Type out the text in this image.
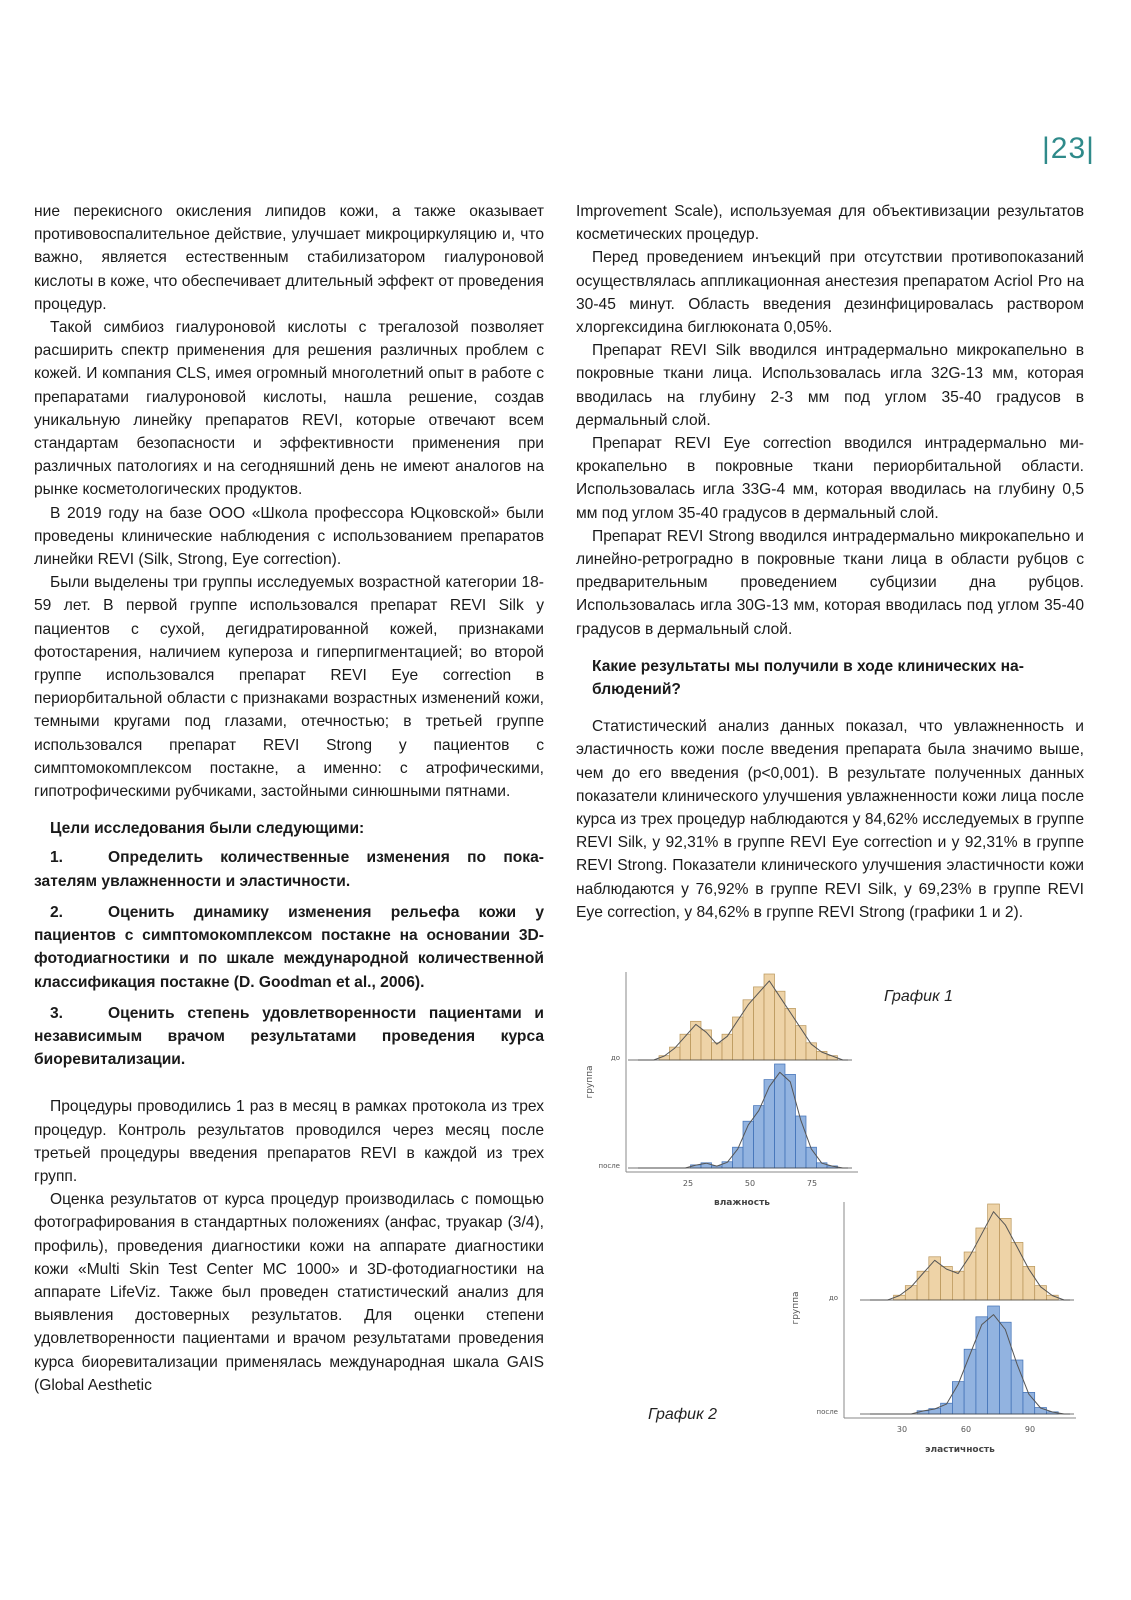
|23|

ние перекисного окисления липидов кожи, а также оказывает противовоспалительное действие, улучшает микроциркуляцию и, что важно, является естественным стабилизатором гиалуроновой кислоты в коже, что обеспечивает длительный эффект от проведения процедур.

Такой симбиоз гиалуроновой кислоты с трегалозой позволяет расширить спектр применения для решения различных проблем с кожей. И компания CLS, имея огромный многолетний опыт в работе с препаратами гиалуроновой кислоты, нашла решение, создав уникальную линейку препаратов REVI, которые отвечают всем стандартам безопасности и эффективности применения при различных патологиях и на сегодняшний день не имеют аналогов на рынке косметологических продуктов.

В 2019 году на базе ООО «Школа профессора Юцковской» были проведены клинические наблюдения с использованием препаратов линейки REVI (Silk, Strong, Eye correction).

Были выделены три группы исследуемых возрастной категории 18-59 лет. В первой группе использовался препарат REVI Silk у пациентов с сухой, дегидратированной кожей, признаками фотостарения, наличием купероза и гиперпигментацией; во второй группе использовался препарат REVI Eye correction в периорбитальной области с признаками возрастных изменений кожи, темными кругами под глазами, отечностью; в третьей группе использовался препарат REVI Strong у пациентов с симптомокомплексом постакне, а именно: с атрофическими, гипотрофическими рубчиками, застойными синюшными пятнами.

Цели исследования были следующими:
1.	Определить количественные изменения по показателям увлажненности и эластичности.
2.	Оценить динамику изменения рельефа кожи у пациентов с симптомокомплексом постакне на основании 3D-фотодиагностики и по шкале международной количественной классификация постакне (D. Goodman et al., 2006).
3.	Оценить степень удовлетворенности пациентами и независимым врачом результатами проведения курса биоревитализации.

Процедуры проводились 1 раз в месяц в рамках протокола из трех процедур. Контроль результатов проводился через месяц после третьей процедуры введения препаратов REVI в каждой из трех групп.

Оценка результатов от курса процедур производилась с помощью фотографирования в стандартных положениях (анфас, труакар (3/4), профиль), проведения диагностики кожи на аппарате диагностики кожи «Multi Skin Test Center MC 1000» и 3D-фотодиагностики на аппарате LifeViz. Также был проведен статистический анализ для выявления достоверных результатов. Для оценки степени удовлетворенности пациентами и врачом результатами проведения курса биоревитализации применялась международная шкала GAIS (Global Aesthetic

Improvement Scale), используемая для объективизации результатов косметических процедур.

Перед проведением инъекций при отсутствии противопоказаний осуществлялась аппликационная анестезия препаратом Acriol Pro на 30-45 минут. Область введения дезинфицировалась раствором хлоргексидина биглюконата 0,05%.

Препарат REVI Silk вводился интрадермально микрокапельно в покровные ткани лица. Использовалась игла 32G-13 мм, которая вводилась на глубину 2-3 мм под углом 35-40 градусов в дермальный слой.

Препарат REVI Eye correction вводился интрадермально микрокапельно в покровные ткани периорбитальной области. Использовалась игла 33G-4 мм, которая вводилась на глубину 0,5 мм под углом 35-40 градусов в дермальный слой.

Препарат REVI Strong вводился интрадермально микрокапельно и линейно-ретроградно в покровные ткани лица в области рубцов с предварительным проведением субцизии дна рубцов. Использовалась игла 30G-13 мм, которая вводилась под углом 35-40 градусов в дермальный слой.

Какие результаты мы получили в ходе клинических наблюдений?

Статистический анализ данных показал, что увлажненность и эластичность кожи после введения препарата была значимо выше, чем до его введения (p<0,001). В результате полученных данных показатели клинического улучшения увлажненности кожи лица после курса из трех процедур наблюдаются у 84,62% исследуемых в группе REVI Silk, у 92,31% в группе REVI Eye correction и у 92,31% в группе REVI Strong. Показатели клинического улучшения эластичности кожи наблюдаются у 76,92% в группе REVI Silk, у 69,23% в группе REVI Eye correction, у 84,62% в группе REVI Strong (графики 1 и 2).

группа
до
после
25	50	75
влажность
График 1
группа	до
после
30	60	90
эластичность
График 2
